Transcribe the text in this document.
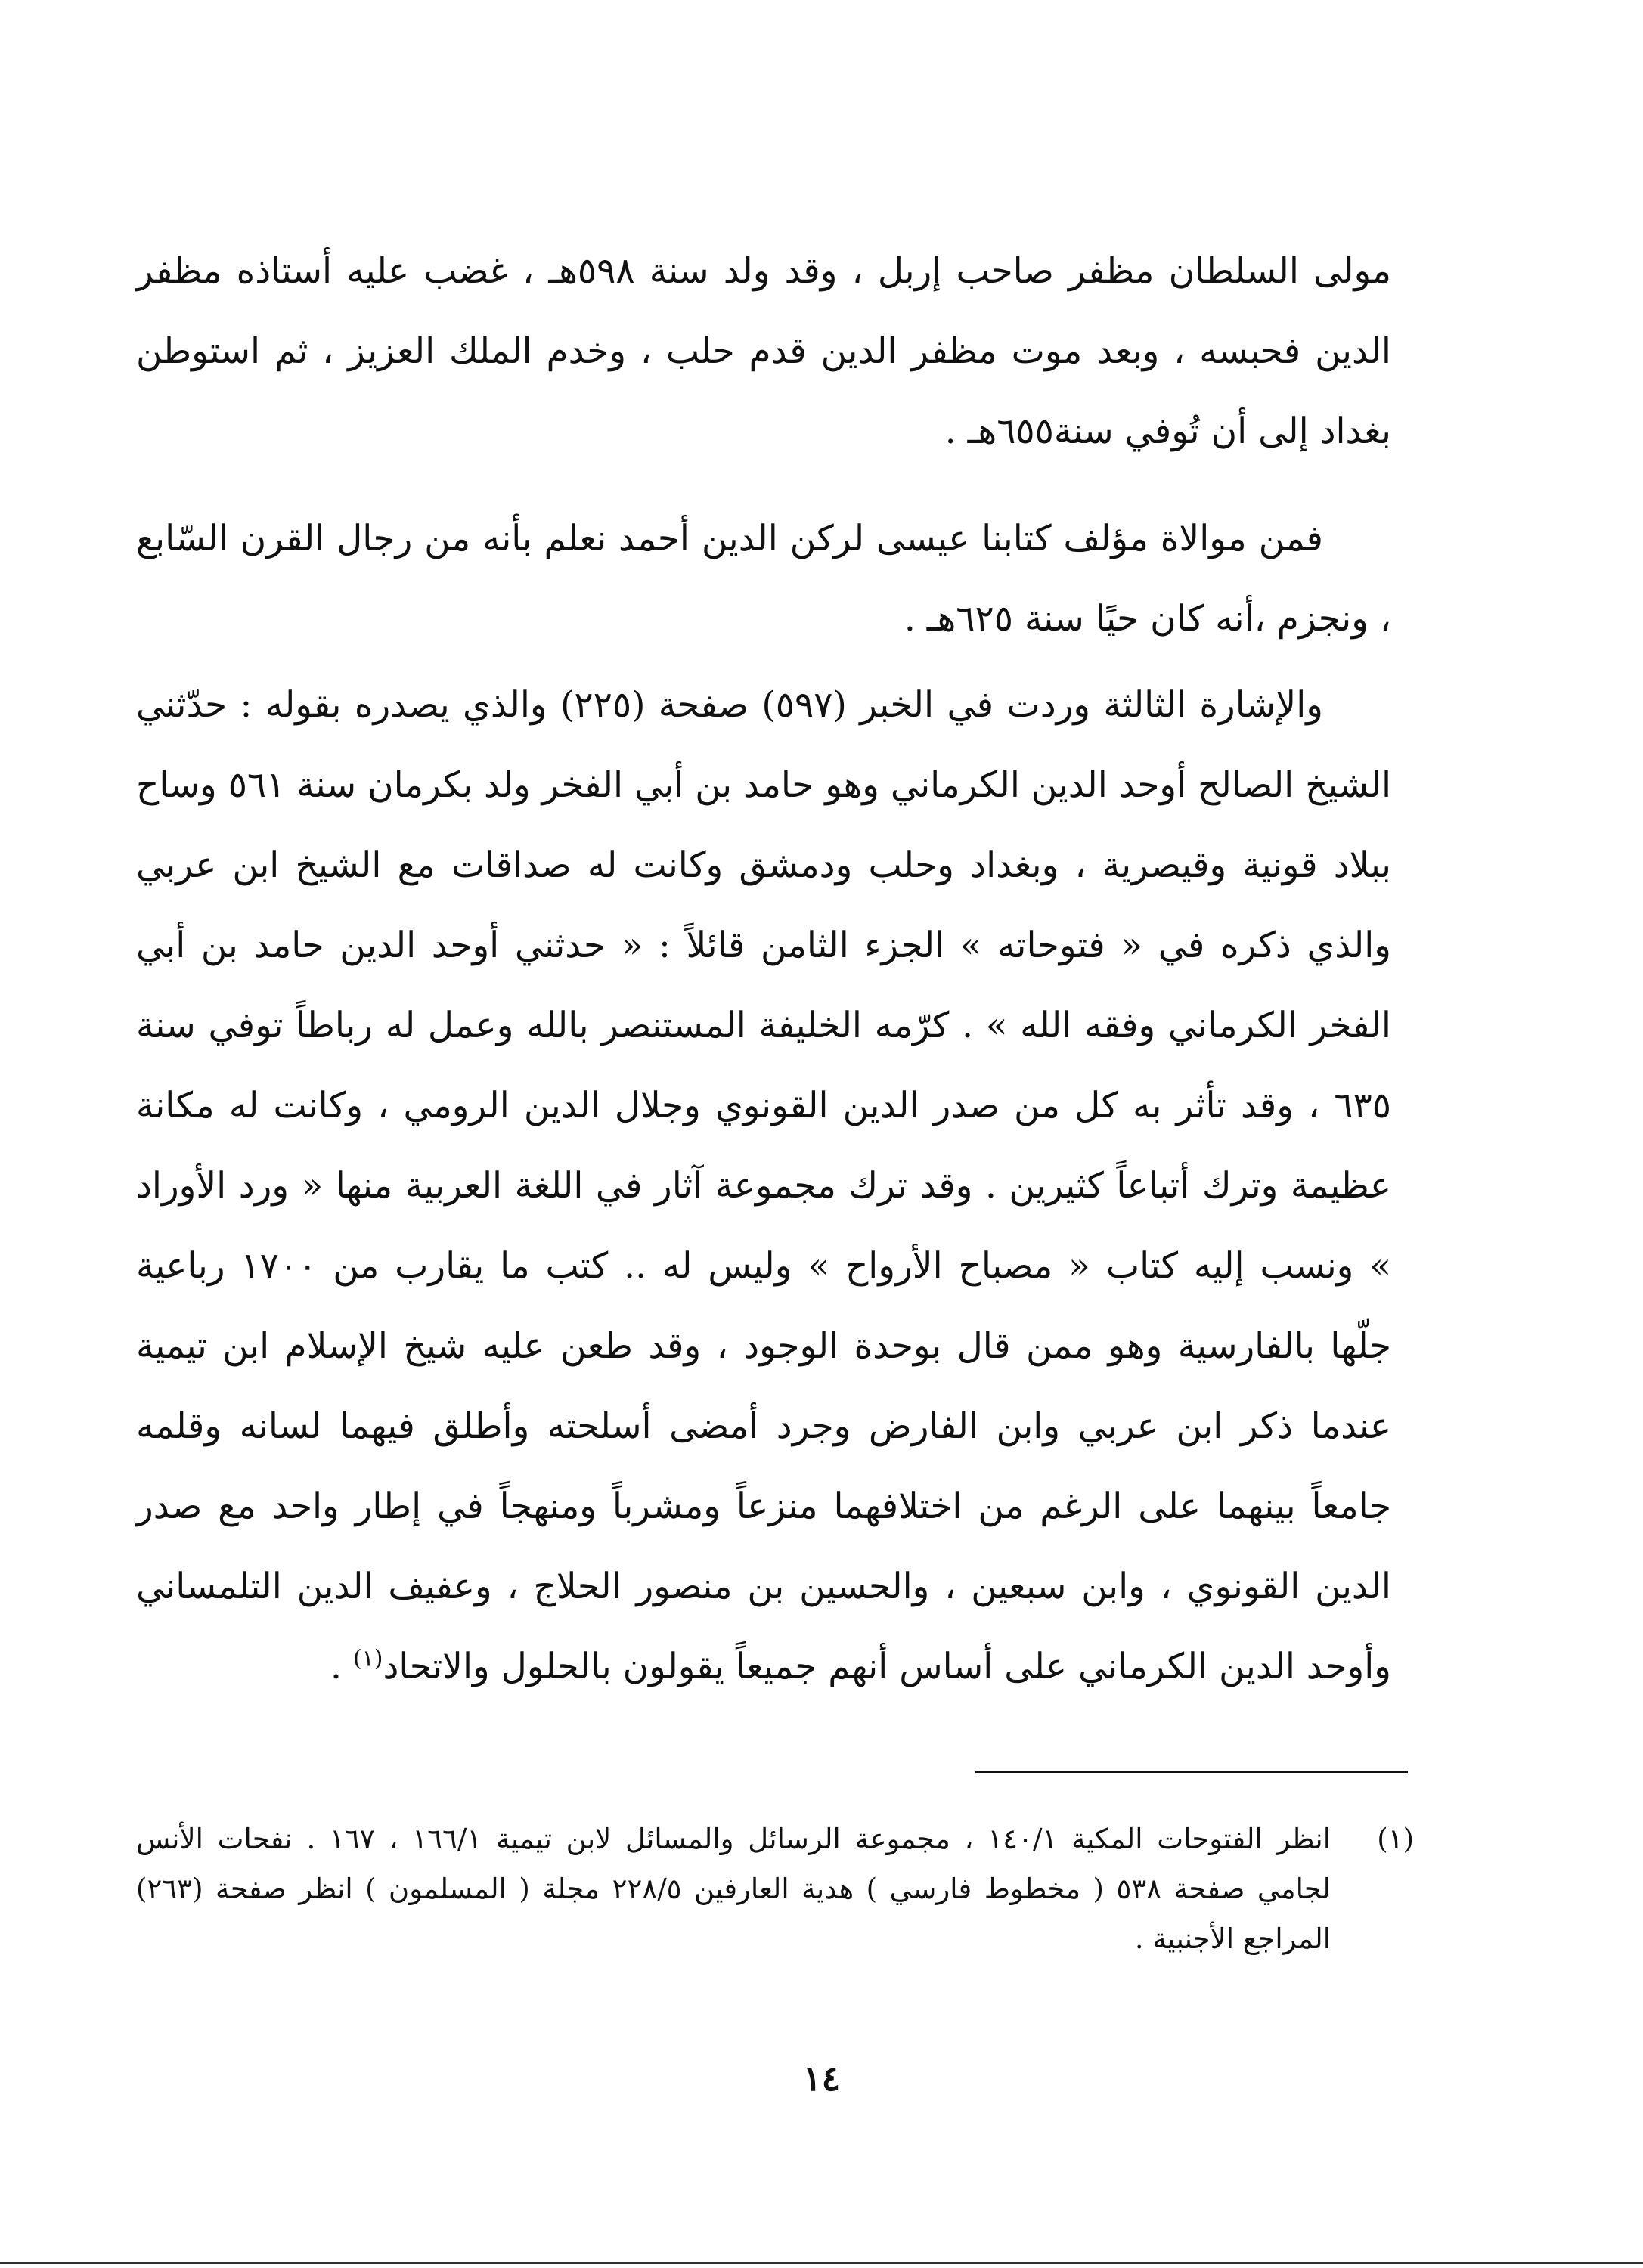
مولى السلطان مظفر صاحب إربل ، وقد ولد سنة ٥٩٨هـ ، غضب عليه أستاذه مظفر الدين فحبسه ، وبعد موت مظفر الدين قدم حلب ، وخدم الملك العزيز ، ثم استوطن بغداد إلى أن تُوفي سنة٦٥٥هـ .

فمن موالاة مؤلف كتابنا عيسى لركن الدين أحمد نعلم بأنه من رجال القرن السّابع ، ونجزم ،أنه كان حيًا سنة ٦٢٥هـ .

والإشارة الثالثة وردت في الخبر (٥٩٧) صفحة (٢٢٥) والذي يصدره بقوله : حدّثني الشيخ الصالح أوحد الدين الكرماني وهو حامد بن أبي الفخر ولد بكرمان سنة ٥٦١ وساح ببلاد قونية وقيصرية ، وبغداد وحلب ودمشق وكانت له صداقات مع الشيخ ابن عربي والذي ذكره في « فتوحاته » الجزء الثامن قائلاً : « حدثني أوحد الدين حامد بن أبي الفخر الكرماني وفقه الله » . كرّمه الخليفة المستنصر بالله وعمل له رباطاً توفي سنة ٦٣٥ ، وقد تأثر به كل من صدر الدين القونوي وجلال الدين الرومي ، وكانت له مكانة عظيمة وترك أتباعاً كثيرين . وقد ترك مجموعة آثار في اللغة العربية منها « ورد الأوراد » ونسب إليه كتاب « مصباح الأرواح » وليس له .. كتب ما يقارب من ١٧٠٠ رباعية جلّها بالفارسية وهو ممن قال بوحدة الوجود ، وقد طعن عليه شيخ الإسلام ابن تيمية عندما ذكر ابن عربي وابن الفارض وجرد أمضى أسلحته وأطلق فيهما لسانه وقلمه جامعاً بينهما على الرغم من اختلافهما منزعاً ومشرباً ومنهجاً في إطار واحد مع صدر الدين القونوي ، وابن سبعين ، والحسين بن منصور الحلاج ، وعفيف الدين التلمساني وأوحد الدين الكرماني على أساس أنهم جميعاً يقولون بالحلول والاتحاد$^{(١)}$ .

(١)
انظر الفتوحات المكية ١٤٠/١ ، مجموعة الرسائل والمسائل لابن تيمية ١٦٦/١ ، ١٦٧ . نفحات الأنس لجامي صفحة ٥٣٨ ( مخطوط فارسي ) هدية العارفين ٢٢٨/٥ مجلة ( المسلمون ) انظر صفحة (٢٦٣) المراجع الأجنبية .
١٤
